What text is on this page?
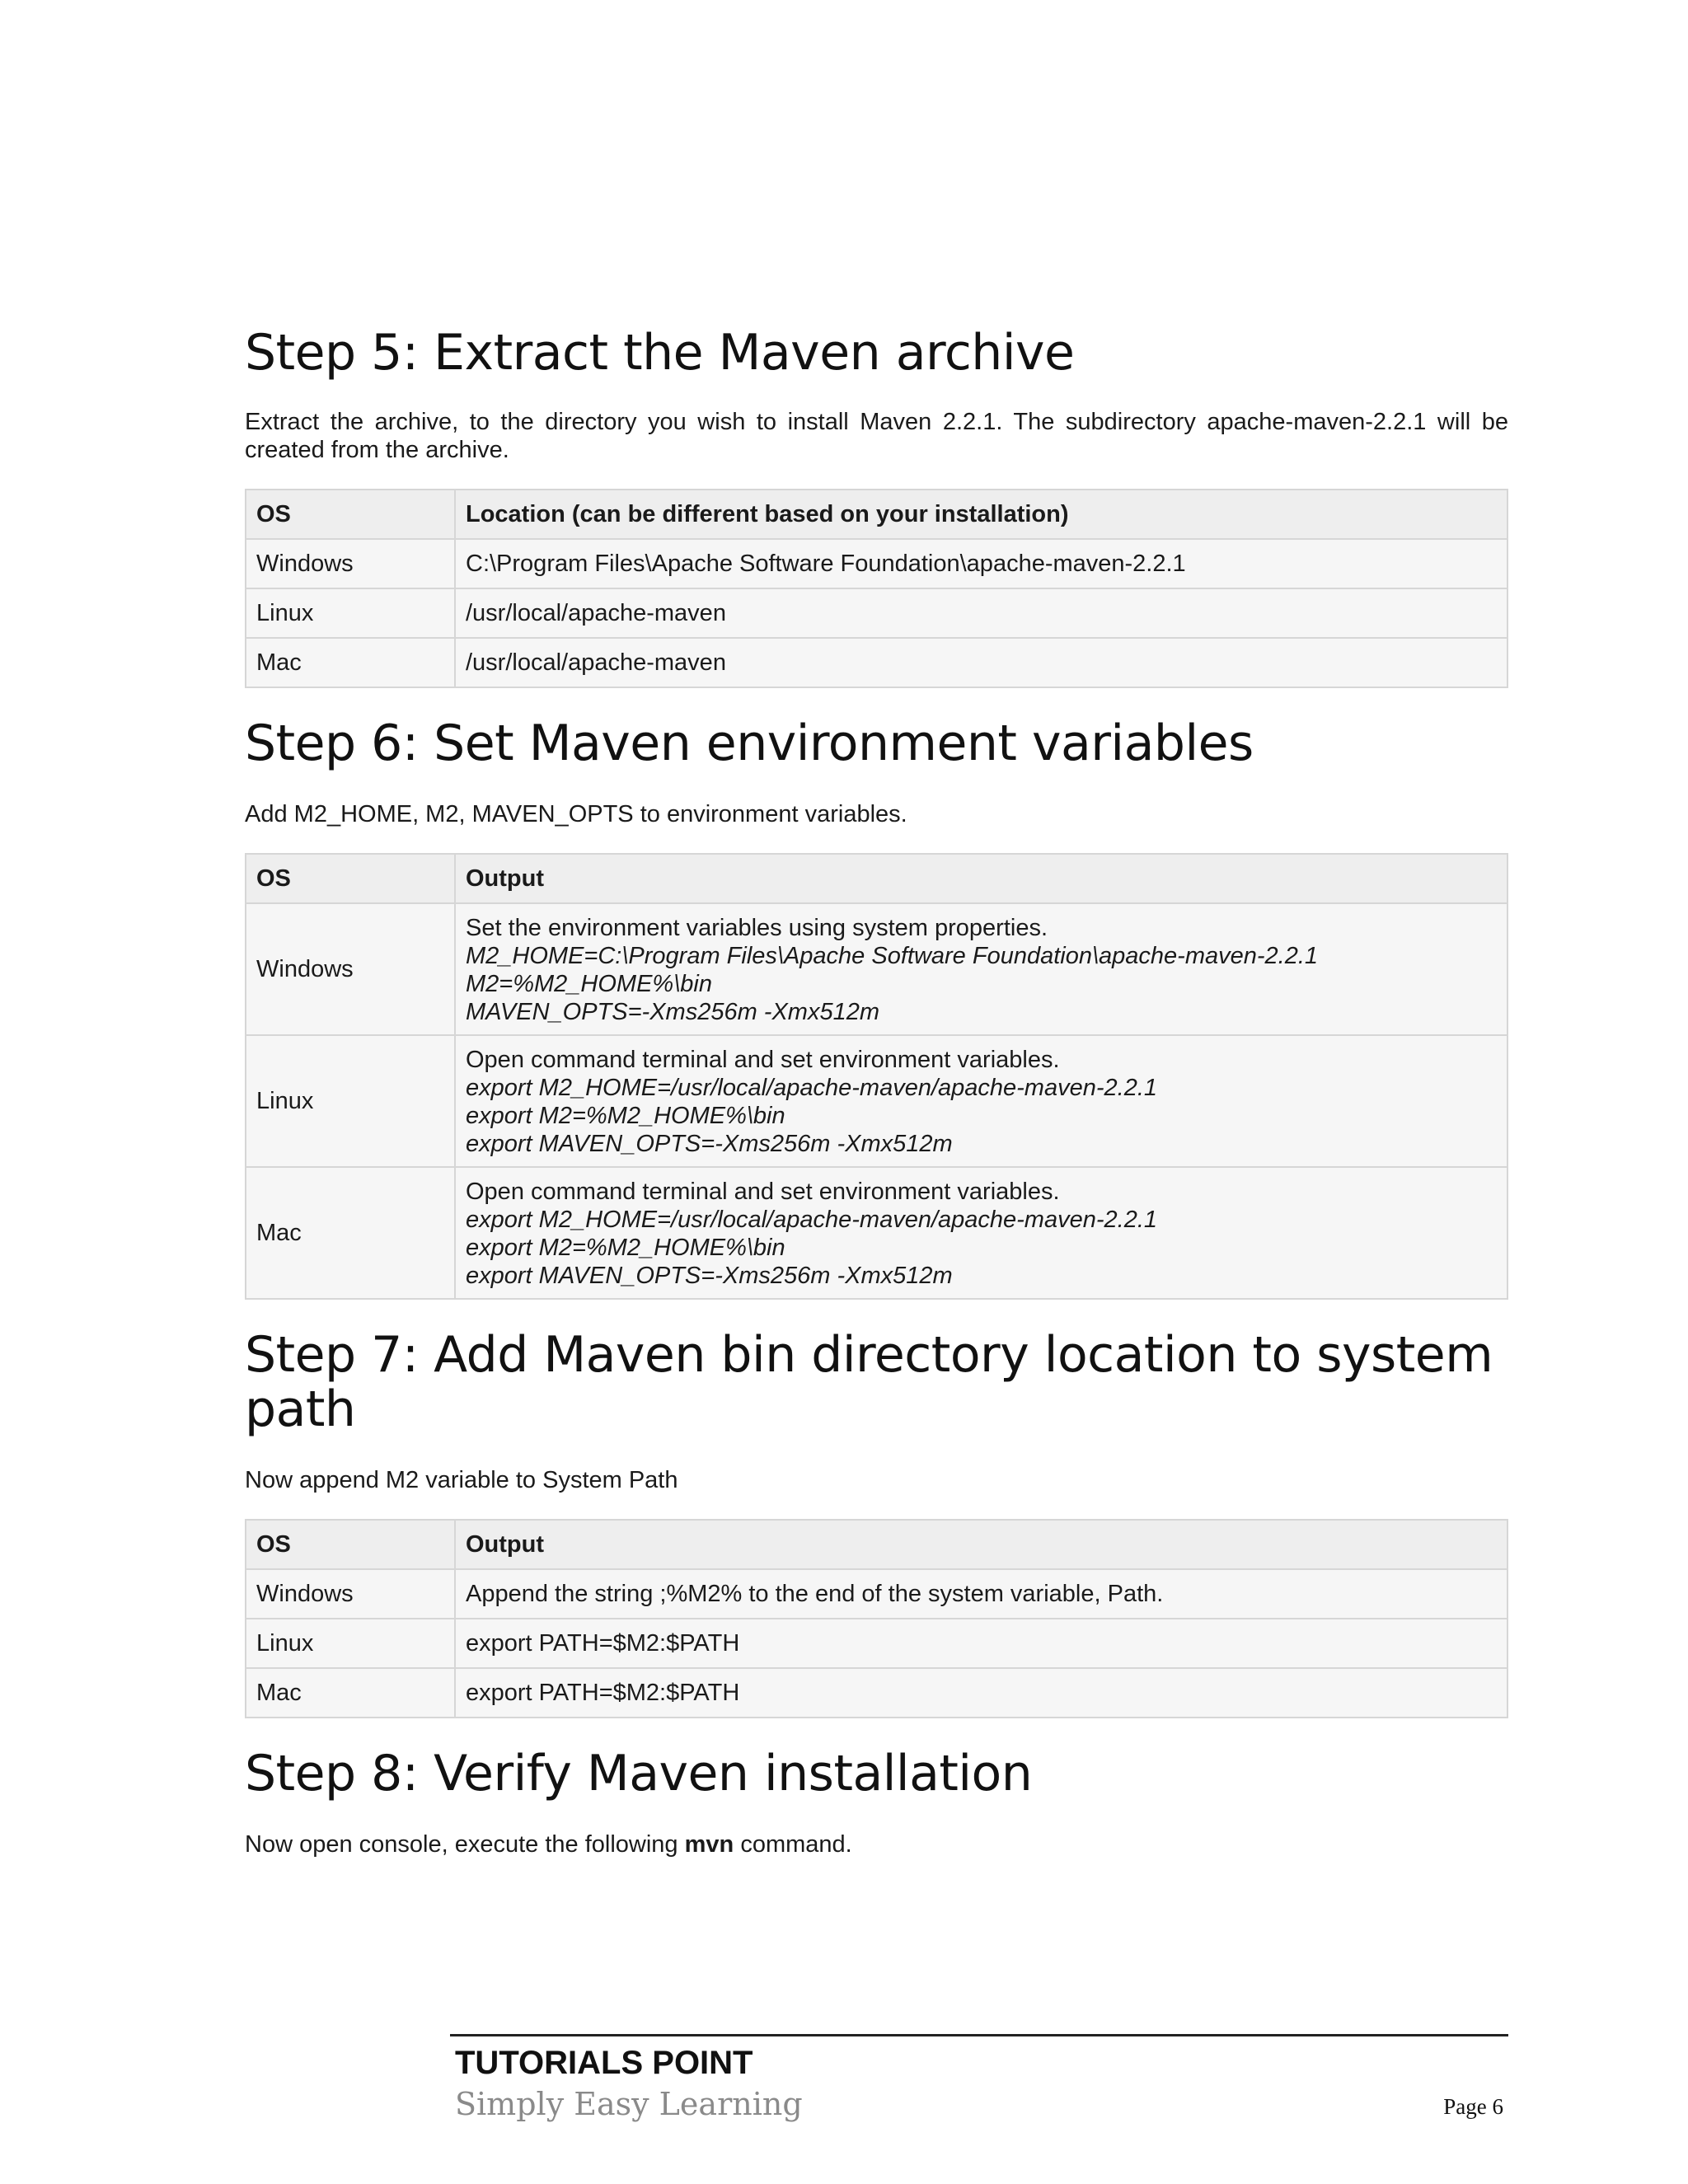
Step 5: Extract the Maven archive

Extract the archive, to the directory you wish to install Maven 2.2.1. The subdirectory apache-maven-2.2.1 will be created from the archive.

OS	Location (can be different based on your installation)
Windows	C:\Program Files\Apache Software Foundation\apache-maven-2.2.1
Linux	/usr/local/apache-maven
Mac	/usr/local/apache-maven
Step 6: Set Maven environment variables

Add M2_HOME, M2, MAVEN_OPTS to environment variables.

OS	Output
Windows	Set the environment variables using system properties.
M2_HOME=C:\Program Files\Apache Software Foundation\apache-maven-2.2.1
M2=%M2_HOME%\bin
MAVEN_OPTS=-Xms256m -Xmx512m

Linux	Open command terminal and set environment variables.
export M2_HOME=/usr/local/apache-maven/apache-maven-2.2.1
export M2=%M2_HOME%\bin
export MAVEN_OPTS=-Xms256m -Xmx512m

Mac	Open command terminal and set environment variables.
export M2_HOME=/usr/local/apache-maven/apache-maven-2.2.1
export M2=%M2_HOME%\bin
export MAVEN_OPTS=-Xms256m -Xmx512m
Step 7: Add Maven bin directory location to system path

Now append M2 variable to System Path

OS	Output
Windows	Append the string ;%M2% to the end of the system variable, Path.
Linux	export PATH=$M2:$PATH
Mac	export PATH=$M2:$PATH
Step 8: Verify Maven installation

Now open console, execute the following mvn command.

TUTORIALS POINT
Simply Easy Learning	Page 6
